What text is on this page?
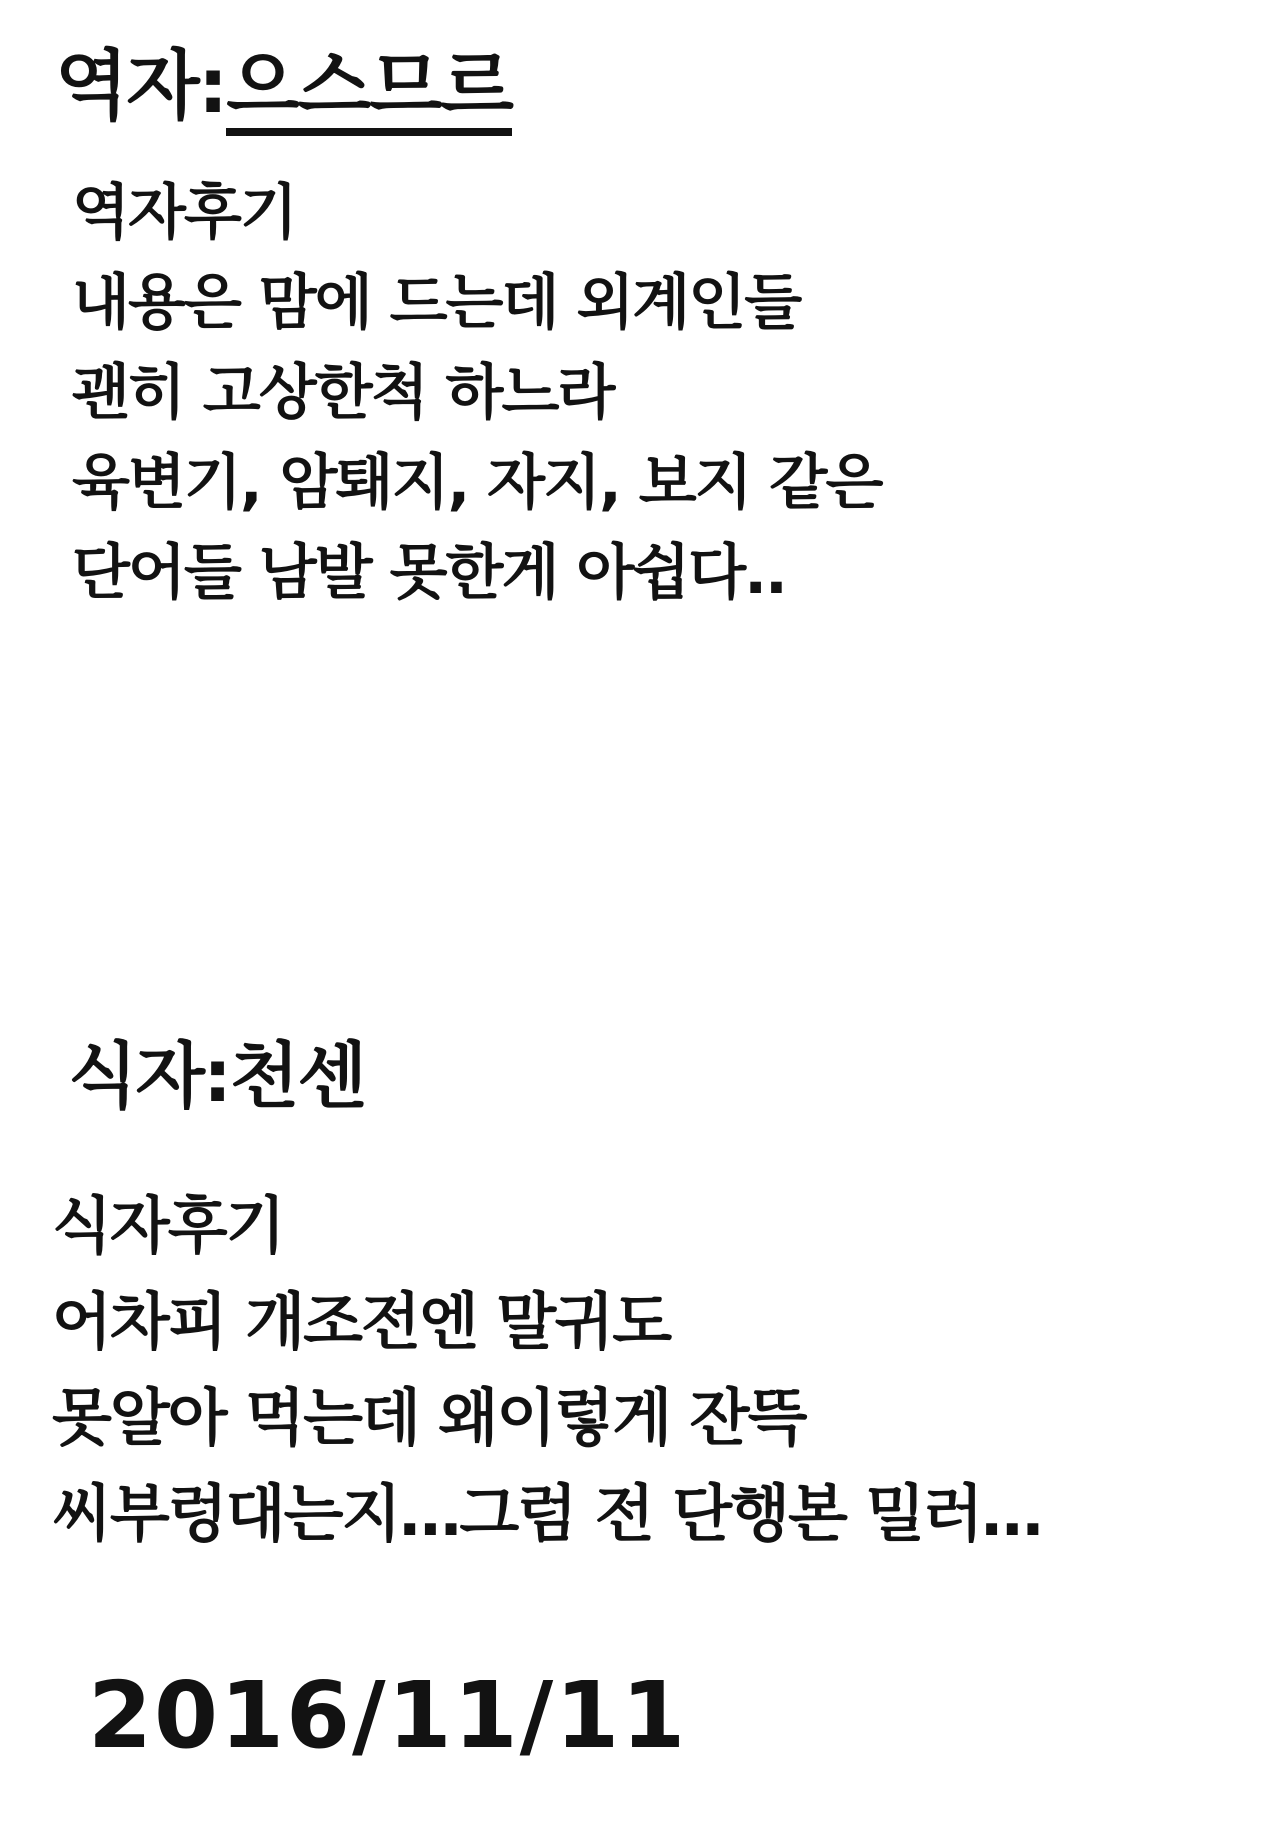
역자:으스므르
역자후기
내용은 맘에 드는데 외계인들
괜히 고상한척 하느라
육변기, 암퇘지, 자지, 보지 같은
단어들 남발 못한게 아쉽다..
식자:천센
식자후기
어차피 개조전엔 말귀도
못알아 먹는데 왜이렇게 잔뜩
씨부렁대는지…그럼 전 단행본 밀러…
2016/11/11
